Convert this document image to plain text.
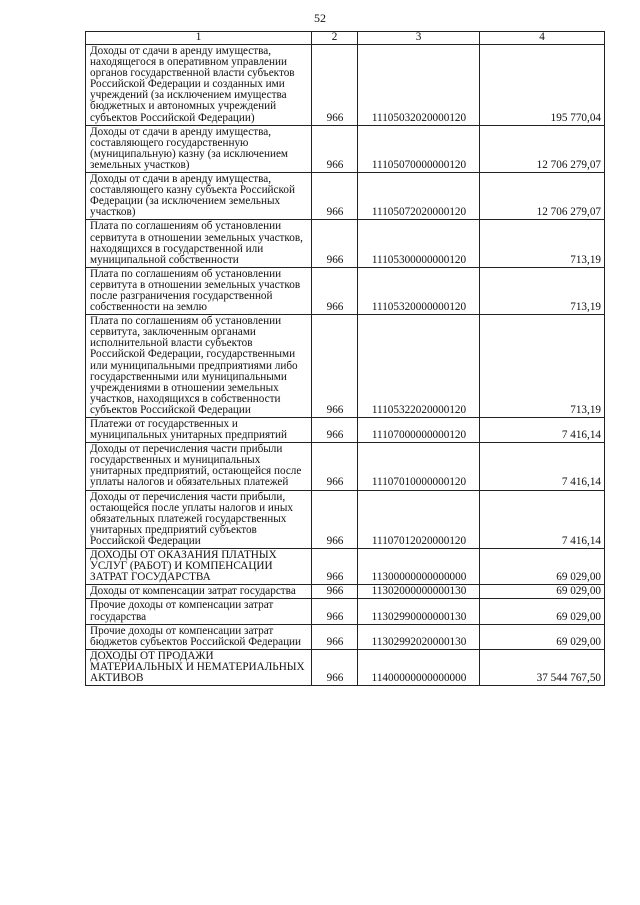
52
1	2	3	4
Доходы от сдачи в аренду имущества, находящегося в оперативном управлении органов государственной власти субъектов Российской Федерации и созданных ими учреждений (за исключением имущества бюджетных и автономных учреждений субъектов Российской Федерации)	966	11105032020000120	195 770,04
Доходы от сдачи в аренду имущества, составляющего государственную (муниципальную) казну (за исключением земельных участков)	966	11105070000000120	12 706 279,07
Доходы от сдачи в аренду имущества, составляющего казну субъекта Российской Федерации (за исключением земельных участков)	966	11105072020000120	12 706 279,07
Плата по соглашениям об установлении сервитута в отношении земельных участков, находящихся в государственной или муниципальной собственности	966	11105300000000120	713,19
Плата по соглашениям об установлении сервитута в отношении земельных участков после разграничения государственной собственности на землю	966	11105320000000120	713,19
Плата по соглашениям об установлении сервитута, заключенным органами исполнительной власти субъектов Российской Федерации, государственными или муниципальными предприятиями либо государственными или муниципальными учреждениями в отношении земельных участков, находящихся в собственности субъектов Российской Федерации	966	11105322020000120	713,19
Платежи от государственных и муниципальных унитарных предприятий	966	11107000000000120	7 416,14
Доходы от перечисления части прибыли государственных и муниципальных унитарных предприятий, остающейся после уплаты налогов и обязательных платежей	966	11107010000000120	7 416,14
Доходы от перечисления части прибыли, остающейся после уплаты налогов и иных обязательных платежей государственных унитарных предприятий субъектов Российской Федерации	966	11107012020000120	7 416,14
ДОХОДЫ ОТ ОКАЗАНИЯ ПЛАТНЫХ УСЛУГ (РАБОТ) И КОМПЕНСАЦИИ ЗАТРАТ ГОСУДАРСТВА	966	11300000000000000	69 029,00
Доходы от компенсации затрат государства	966	11302000000000130	69 029,00
Прочие доходы от компенсации затрат государства	966	11302990000000130	69 029,00
Прочие доходы от компенсации затрат бюджетов субъектов Российской Федерации	966	11302992020000130	69 029,00
ДОХОДЫ ОТ ПРОДАЖИ МАТЕРИАЛЬНЫХ И НЕМАТЕРИАЛЬНЫХ АКТИВОВ	966	11400000000000000	37 544 767,50
